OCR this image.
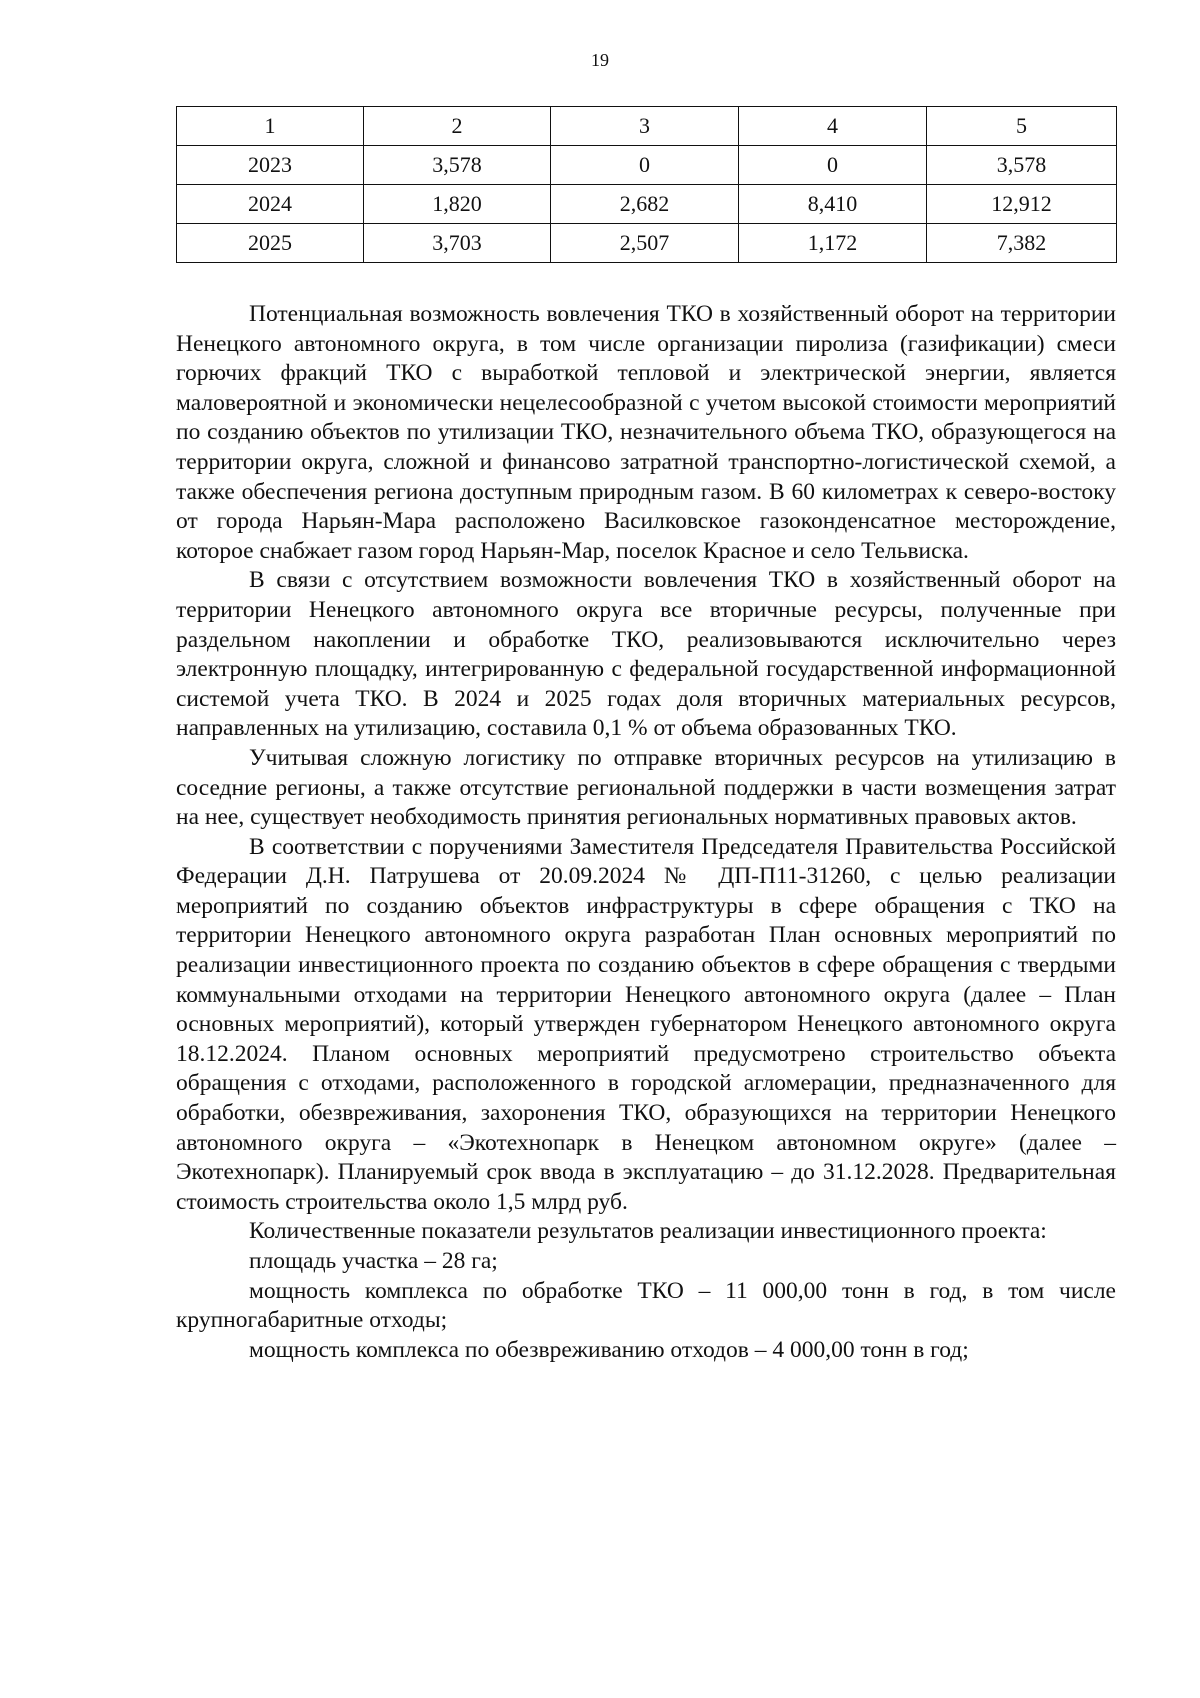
19
1	2	3	4	5
2023	3,578	0	0	3,578
2024	1,820	2,682	8,410	12,912
2025	3,703	2,507	1,172	7,382

Потенциальная возможность вовлечения ТКО в хозяйственный оборот на территории Ненецкого автономного округа, в том числе организации пиролиза (газификации) смеси горючих фракций ТКО с выработкой тепловой и электрической энергии, является маловероятной и экономически нецелесообразной с учетом высокой стоимости мероприятий по созданию объектов по утилизации ТКО, незначительного объема ТКО, образующегося на территории округа, сложной и финансово затратной транспортно-логистической схемой, а также обеспечения региона доступным природным газом. В 60 километрах к северо-востоку от города Нарьян-Мара расположено Василковское газоконденсатное месторождение, которое снабжает газом город Нарьян-Мар, поселок Красное и село Тельвиска.

В связи с отсутствием возможности вовлечения ТКО в хозяйственный оборот на территории Ненецкого автономного округа все вторичные ресурсы, полученные при раздельном накоплении и обработке ТКО, реализовываются исключительно через электронную площадку, интегрированную с федеральной государственной информационной системой учета ТКО. В 2024 и 2025 годах доля вторичных материальных ресурсов, направленных на утилизацию, составила 0,1 % от объема образованных ТКО.

Учитывая сложную логистику по отправке вторичных ресурсов на утилизацию в соседние регионы, а также отсутствие региональной поддержки в части возмещения затрат на нее, существует необходимость принятия региональных нормативных правовых актов.

В соответствии с поручениями Заместителя Председателя Правительства Российской Федерации Д.Н. Патрушева от 20.09.2024 № ДП-П11-31260, с целью реализации мероприятий по созданию объектов инфраструктуры в сфере обращения с ТКО на территории Ненецкого автономного округа разработан План основных мероприятий по реализации инвестиционного проекта по созданию объектов в сфере обращения с твердыми коммунальными отходами на территории Ненецкого автономного округа (далее – План основных мероприятий), который утвержден губернатором Ненецкого автономного округа 18.12.2024. Планом основных мероприятий предусмотрено строительство объекта обращения с отходами, расположенного в городской агломерации, предназначенного для обработки, обезвреживания, захоронения ТКО, образующихся на территории Ненецкого автономного округа – «Экотехнопарк в Ненецком автономном округе» (далее – Экотехнопарк). Планируемый срок ввода в эксплуатацию – до 31.12.2028. Предварительная стоимость строительства около 1,5 млрд руб.

Количественные показатели результатов реализации инвестиционного проекта:

площадь участка – 28 га;

мощность комплекса по обработке ТКО – 11 000,00 тонн в год, в том числе крупногабаритные отходы;

мощность комплекса по обезвреживанию отходов – 4 000,00 тонн в год;
